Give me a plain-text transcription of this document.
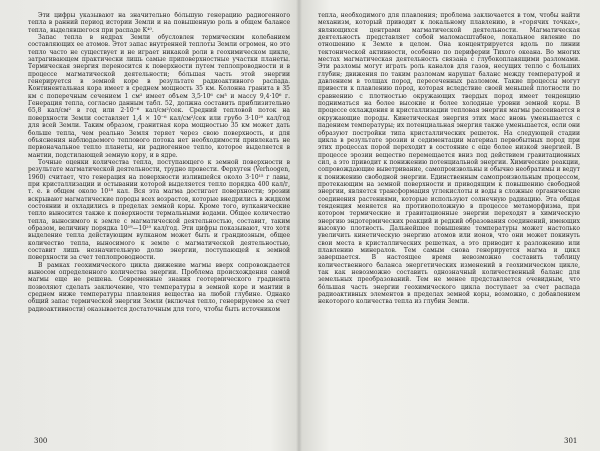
Эти цифры указывают на значительно бóльшую генерацию радиогенного тепла в ранний период истории Земли и на повышенную роль в общем балансе тепла, выделявшегося при распаде K⁴⁰.

Запас тепла в недрах Земли обусловлен термическим колебанием составляющих ее атомов. Этот запас внутренней теплоты Земли огромен, но это тепло часто не существует и не играет никакой роли в геохимическом цикле, затрагивающем практически лишь самые приповерхностные участки планеты. Термическая энергия переносится к поверхности путем теплопроводности и в процессе магматической деятельности; бóльшая часть этой энергии генерируется в земной коре в результате радиоактивного распада. Континентальная кора имеет в среднем мощность 35 км. Колонна гранита в 35 км с поперечным сечением 1 см² имеет объем 3,5·10⁶ см³ и массу 9,4·10⁶ г. Генерация тепла, согласно данным табл. 52, должна составить приблизительно 65,8 кал/см² в год или 2·10⁻⁶ кал/см²/сек. Средний тепловой поток на поверхности Земли составляет 1,4 × 10⁻⁶ кал/см²/сек или грубо 3·10²⁰ кал/год для всей Земли. Таким образом, гранитная кора мощностью 35 км может дать больше тепла, чем реально Земля теряет через свою поверхность, и для объяснения наблюдаемого теплового потока нет необходимости привлекать не первоначальное тепло планеты, ни радиогенное тепло, которое выделяется в мантии, подстилающей земную кору, и в ядре.

Точные оценки количества тепла, поступающего к земной поверхности в результате магматической деятельности, трудно провести. Ферхуген (Verhoogen, 1960) считает, что генерация на поверхности излившейся около 3·10¹⁵ г лавы, при кристаллизации и остывании которой выделяется тепло порядка 400 кал/г, т. е. в общем около 10¹⁸ кал. Вся эта магма достигает поверхности; эрозии вскрывают магматические породы всех возрастов, которые внедрились в жидком состоянии и охладились в пределах земной коры. Кроме того, вулканические тепло выносится также к поверхности термальными водами. Общее количество тепла, выносимого к земле с магматической деятельностью, составит, таким образом, величину порядка 10¹⁹—10²⁰ кал/год. Эти цифры показывают, что хотя выделение тепла действующим вулканом может быть и грандиозным, общее количество тепла, выносимого к земле с магматической деятельностью, составит лишь незначительную долю энергии, поступающей к земной поверхности за счет теплопроводности.

В рамках геохимического цикла движение магмы вверх сопровождается выносом определенного количества энергии. Проблема происхождения самой магмы еще не решена. Современные знания геотермического градиента позволяют сделать заключение, что температуры в земной коре и мантии в среднем ниже температуры плавления вещества на любой глубине. Однако общий запас термической энергии Земли (включая тепло, генерируемое за счет радиоактивности) оказывается достаточным для того, чтобы быть источником

тепла, необходимого для плавления; проблема заключается в том, чтобы найти механизм, который приводит к локальному плавлению, в «горячих точках», являющихся центрами магматической деятельности. Магматическая деятельность представляет собой маломасштабное, локальное явление по отношению к Земле в целом. Она концентрируется вдоль по линии тектонической активности, особенно по периферии Тихого океана. Во многих местах магматическая деятельность связана с глубокоплавящими разломами. Эти разломы могут играть роль каналов для газов, несущих тепло с больших глубин; движения по таким разломам нарушат баланс между температурой и давлением в толщах пород, пересеченных разломом. Такие процессы могут привести к плавлению пород, которая вследствие своей меньшей плотности по сравнению с плотностью окружающих твердых пород имеет тенденцию подниматься на более высокие и более холодные уровни земной коры. В процессе охлаждения и кристаллизации тепловая энергия магмы рассеивается в окружающие породы. Кинетическая энергия этих масс вновь уменьшается с падением температуры; их потенциальная энергия также уменьшается, если они образуют постройки типа кристаллических решеток. На следующей стадии цикла в результате эрозии и седиментации материал первобытных пород при этих процессах порой переходит в состояние с еще более низкой энергией. В процессе эрозии вещество перемещается вниз под действием гравитационных сил, а это приводит к понижению потенциальной энергии. Химические реакции, сопровождающие выветривание, самопроизвольны и обычно необратимы и ведут к понижению свободной энергии. Единственным самопроизвольным процессом, протекающим на земной поверхности и приводящим к повышению свободной энергии, является трансформация углекислоты и воды в сложные органические соединения растениями, которые используют солнечную радиацию. Эта общая тенденция меняется на противоположную в процессе метаморфизма, при котором термические и гравитационные энергии переходят в химическую энергию эндотермических реакций и редкий образования соединений, имеющих высокую плотность. Дальнейшее повышение температуры может настолько увеличить кинетическую энергию атомов или ионов, что они может покинуть свои места в кристаллических решетках, а это приводит к разложению или плавлению минералов. Тем самым снова генерируется магма и цикл завершается. В настоящее время невозможно составить таблицу количественного баланса энергетических изменений в геохимическом цикле, так как невозможно составить однозначный количественный баланс для земельных преобразований. Тем не менее представляется очевидным, что бóльшая часть энергии геохимического цикла поступает за счет распада радиоактивных элементов в пределах земной коры, возможно, с добавлением некоторого количества тепла из глубин Земли.

300	301
